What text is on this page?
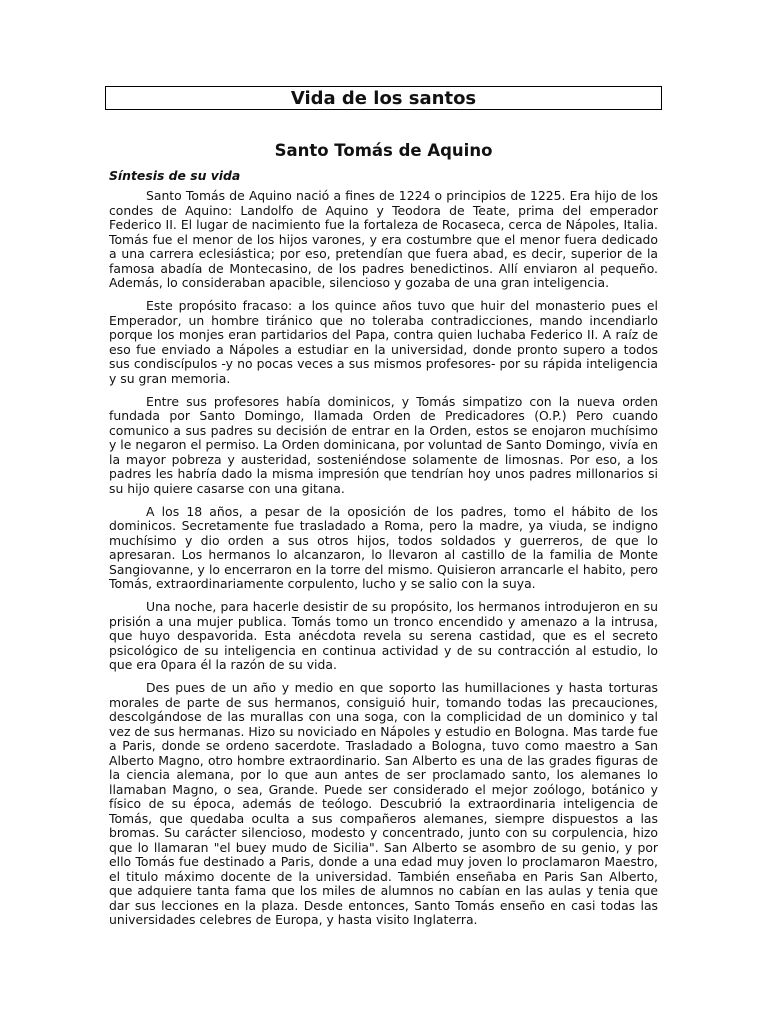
Vida de los santos
Santo Tomás de Aquino
Síntesis de su vida

Santo Tomás de Aquino nació a fines de 1224 o principios de 1225. Era hijo de los condes de Aquino: Landolfo de Aquino y Teodora de Teate, prima del emperador Federico II. El lugar de nacimiento fue la fortaleza de Rocaseca, cerca de Nápoles, Italia. Tomás fue el menor de los hijos varones, y era costumbre que el menor fuera dedicado a una carrera eclesiástica; por eso, pretendían que fuera abad, es decir, superior de la famosa abadía de Montecasino, de los padres benedictinos. Allí enviaron al pequeño. Además, lo consideraban apacible, silencioso y gozaba de una gran inteligencia.

Este propósito fracaso: a los quince años tuvo que huir del monasterio pues el Emperador, un hombre tiránico que no toleraba contradicciones, mando incendiarlo porque los monjes eran partidarios del Papa, contra quien luchaba Federico II. A raíz de eso fue enviado a Nápoles a estudiar en la universidad, donde pronto supero a todos sus condiscípulos -y no pocas veces a sus mismos profesores- por su rápida inteligencia y su gran memoria.

Entre sus profesores había dominicos, y Tomás simpatizo con la nueva orden fundada por Santo Domingo, llamada Orden de Predicadores (O.P.) Pero cuando comunico a sus padres su decisión de entrar en la Orden, estos se enojaron muchísimo y le negaron el permiso. La Orden dominicana, por voluntad de Santo Domingo, vivía en la mayor pobreza y austeridad, sosteniéndose solamente de limosnas. Por eso, a los padres les habría dado la misma impresión que tendrían hoy unos padres millonarios si su hijo quiere casarse con una gitana.

A los 18 años, a pesar de la oposición de los padres, tomo el hábito de los dominicos. Secretamente fue trasladado a Roma, pero la madre, ya viuda, se indigno muchísimo y dio orden a sus otros hijos, todos soldados y guerreros, de que lo apresaran. Los hermanos lo alcanzaron, lo llevaron al castillo de la familia de Monte Sangiovanne, y lo encerraron en la torre del mismo. Quisieron arrancarle el habito, pero Tomás, extraordinariamente corpulento, lucho y se salio con la suya.

Una noche, para hacerle desistir de su propósito, los hermanos introdujeron en su prisión a una mujer publica. Tomás tomo un tronco encendido y amenazo a la intrusa, que huyo despavorida. Esta anécdota revela su serena castidad, que es el secreto psicológico de su inteligencia en continua actividad y de su contracción al estudio, lo que era 0para él la razón de su vida.

Des pues de un año y medio en que soporto las humillaciones y hasta torturas morales de parte de sus hermanos, consiguió huir, tomando todas las precauciones, descolgándose de las murallas con una soga, con la complicidad de un dominico y tal vez de sus hermanas. Hizo su noviciado en Nápoles y estudio en Bologna. Mas tarde fue a Paris, donde se ordeno sacerdote. Trasladado a Bologna, tuvo como maestro a San Alberto Magno, otro hombre extraordinario. San Alberto es una de las grades figuras de la ciencia alemana, por lo que aun antes de ser proclamado santo, los alemanes lo llamaban Magno, o sea, Grande. Puede ser considerado el mejor zoólogo, botánico y físico de su época, además de teólogo. Descubrió la extraordinaria inteligencia de Tomás, que quedaba oculta a sus compañeros alemanes, siempre dispuestos a las bromas. Su carácter silencioso, modesto y concentrado, junto con su corpulencia, hizo que lo llamaran "el buey mudo de Sicilia". San Alberto se asombro de su genio, y por ello Tomás fue destinado a Paris, donde a una edad muy joven lo proclamaron Maestro, el titulo máximo docente de la universidad. También enseñaba en Paris San Alberto, que adquiere tanta fama que los miles de alumnos no cabían en las aulas y tenia que dar sus lecciones en la plaza. Desde entonces, Santo Tomás enseño en casi todas las universidades celebres de Europa, y hasta visito Inglaterra.
